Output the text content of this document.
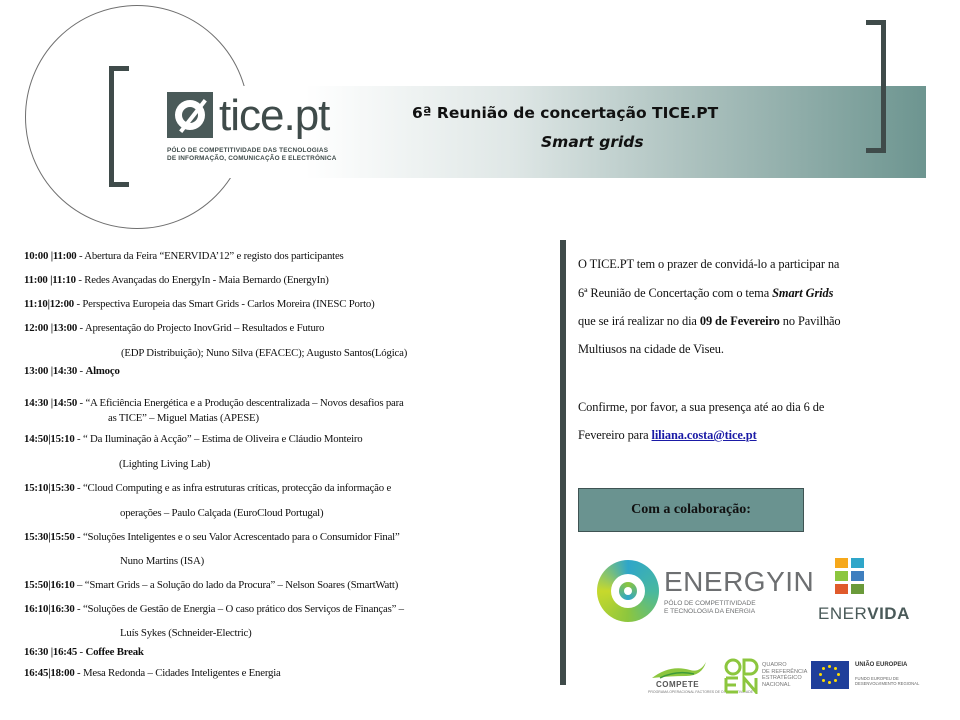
tice.pt
PÓLO DE COMPETITIVIDADE DAS TECNOLOGIAS
DE INFORMAÇÃO, COMUNICAÇÃO E ELECTRÓNICA
6ª Reunião de concertação TICE.PT
Smart grids
10:00 |11:00 - Abertura da Feira “ENERVIDA’12” e registo dos participantes
11:00 |11:10 - Redes Avançadas do EnergyIn - Maia Bernardo (EnergyIn)
11:10|12:00 - Perspectiva Europeia das Smart Grids - Carlos Moreira (INESC Porto)
12:00 |13:00 - Apresentação do Projecto InovGrid – Resultados e Futuro
(EDP Distribuição); Nuno Silva (EFACEC); Augusto Santos(Lógica)
13:00 |14:30 - Almoço
14:30 |14:50 - “A Eficiência Energética e a Produção descentralizada – Novos desafios para
as TICE” – Miguel Matias (APESE)
14:50|15:10 - “ Da Iluminação à Acção” – Estima de Oliveira e Cláudio Monteiro
(Lighting Living Lab)
15:10|15:30 - “Cloud Computing e as infra estruturas críticas, protecção da informação e
operações – Paulo Calçada (EuroCloud Portugal)
15:30|15:50 - “Soluções Inteligentes e o seu Valor Acrescentado para o Consumidor Final”
Nuno Martins (ISA)
15:50|16:10 – “Smart Grids – a Solução do lado da Procura” – Nelson Soares (SmartWatt)
16:10|16:30 - “Soluções de Gestão de Energia – O caso prático dos Serviços de Finanças” –
Luís Sykes (Schneider-Electric)
16:30 |16:45 - Coffee Break
16:45|18:00 - Mesa Redonda – Cidades Inteligentes e Energia
O TICE.PT tem o prazer de convidá-lo a participar na
6ª Reunião de Concertação com o tema Smart Grids
que se irá realizar no dia 09 de Fevereiro no Pavilhão
Multiusos na cidade de Viseu.
Confirme, por favor, a sua presença até ao dia 6 de
Fevereiro para liliana.costa@tice.pt
Com a colaboração:
ENERGYIN
PÓLO DE COMPETITIVIDADE
E TECNOLOGIA DA ENERGIA	ENERVIDA
COMPETE
PROGRAMA OPERACIONAL FACTORES DE COMPETITIVIDADE
QUADRO
DE REFERÊNCIA
ESTRATÉGICO
NACIONAL
UNIÃO EUROPEIA
FUNDO EUROPEU DE
DESENVOLVIMENTO REGIONAL
